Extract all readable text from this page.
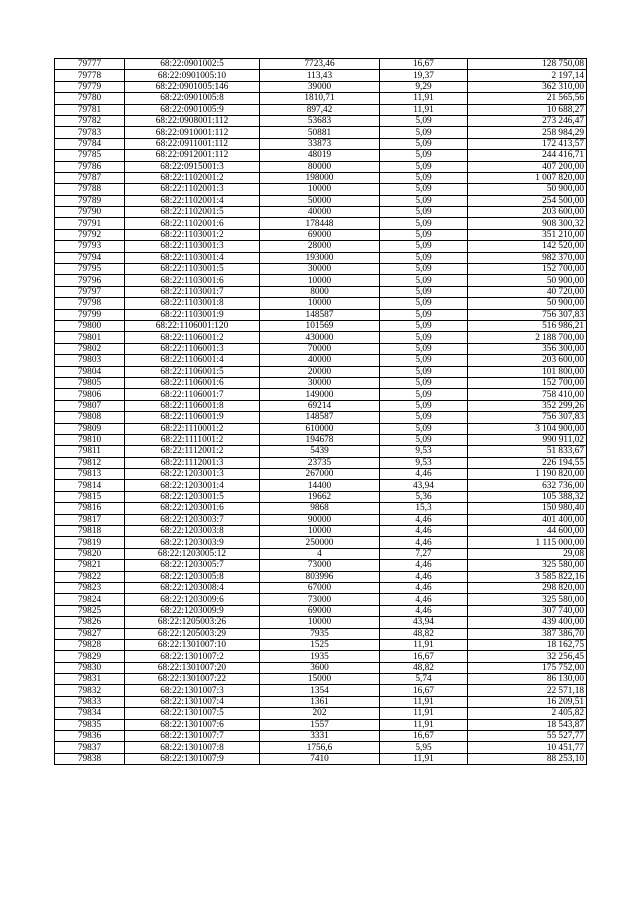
79777	68:22:0901002:5	7723,46	16,67	128 750,08
79778	68:22:0901005:10	113,43	19,37	2 197,14
79779	68:22:0901005:146	39000	9,29	362 310,00
79780	68:22:0901005:8	1810,71	11,91	21 565,56
79781	68:22:0901005:9	897,42	11,91	10 688,27
79782	68:22:0908001:112	53683	5,09	273 246,47
79783	68:22:0910001:112	50881	5,09	258 984,29
79784	68:22:0911001:112	33873	5,09	172 413,57
79785	68:22:0912001:112	48019	5,09	244 416,71
79786	68:22:0915001:3	80000	5,09	407 200,00
79787	68:22:1102001:2	198000	5,09	1 007 820,00
79788	68:22:1102001:3	10000	5,09	50 900,00
79789	68:22:1102001:4	50000	5,09	254 500,00
79790	68:22:1102001:5	40000	5,09	203 600,00
79791	68:22:1102001:6	178448	5,09	908 300,32
79792	68:22:1103001:2	69000	5,09	351 210,00
79793	68:22:1103001:3	28000	5,09	142 520,00
79794	68:22:1103001:4	193000	5,09	982 370,00
79795	68:22:1103001:5	30000	5,09	152 700,00
79796	68:22:1103001:6	10000	5,09	50 900,00
79797	68:22:1103001:7	8000	5,09	40 720,00
79798	68:22:1103001:8	10000	5,09	50 900,00
79799	68:22:1103001:9	148587	5,09	756 307,83
79800	68:22:1106001:120	101569	5,09	516 986,21
79801	68:22:1106001:2	430000	5,09	2 188 700,00
79802	68:22:1106001:3	70000	5,09	356 300,00
79803	68:22:1106001:4	40000	5,09	203 600,00
79804	68:22:1106001:5	20000	5,09	101 800,00
79805	68:22:1106001:6	30000	5,09	152 700,00
79806	68:22:1106001:7	149000	5,09	758 410,00
79807	68:22:1106001:8	69214	5,09	352 299,26
79808	68:22:1106001:9	148587	5,09	756 307,83
79809	68:22:1110001:2	610000	5,09	3 104 900,00
79810	68:22:1111001:2	194678	5,09	990 911,02
79811	68:22:1112001:2	5439	9,53	51 833,67
79812	68:22:1112001:3	23735	9,53	226 194,55
79813	68:22:1203001:3	267000	4,46	1 190 820,00
79814	68:22:1203001:4	14400	43,94	632 736,00
79815	68:22:1203001:5	19662	5,36	105 388,32
79816	68:22:1203001:6	9868	15,3	150 980,40
79817	68:22:1203003:7	90000	4,46	401 400,00
79818	68:22:1203003:8	10000	4,46	44 600,00
79819	68:22:1203003:9	250000	4,46	1 115 000,00
79820	68:22:1203005:12	4	7,27	29,08
79821	68:22:1203005:7	73000	4,46	325 580,00
79822	68:22:1203005:8	803996	4,46	3 585 822,16
79823	68:22:1203008:4	67000	4,46	298 820,00
79824	68:22:1203009:6	73000	4,46	325 580,00
79825	68:22:1203009:9	69000	4,46	307 740,00
79826	68:22:1205003:26	10000	43,94	439 400,00
79827	68:22:1205003:29	7935	48,82	387 386,70
79828	68:22:1301007:10	1525	11,91	18 162,75
79829	68:22:1301007:2	1935	16,67	32 256,45
79830	68:22:1301007:20	3600	48,82	175 752,00
79831	68:22:1301007:22	15000	5,74	86 130,00
79832	68:22:1301007:3	1354	16,67	22 571,18
79833	68:22:1301007:4	1361	11,91	16 209,51
79834	68:22:1301007:5	202	11,91	2 405,82
79835	68:22:1301007:6	1557	11,91	18 543,87
79836	68:22:1301007:7	3331	16,67	55 527,77
79837	68:22:1301007:8	1756,6	5,95	10 451,77
79838	68:22:1301007:9	7410	11,91	88 253,10
